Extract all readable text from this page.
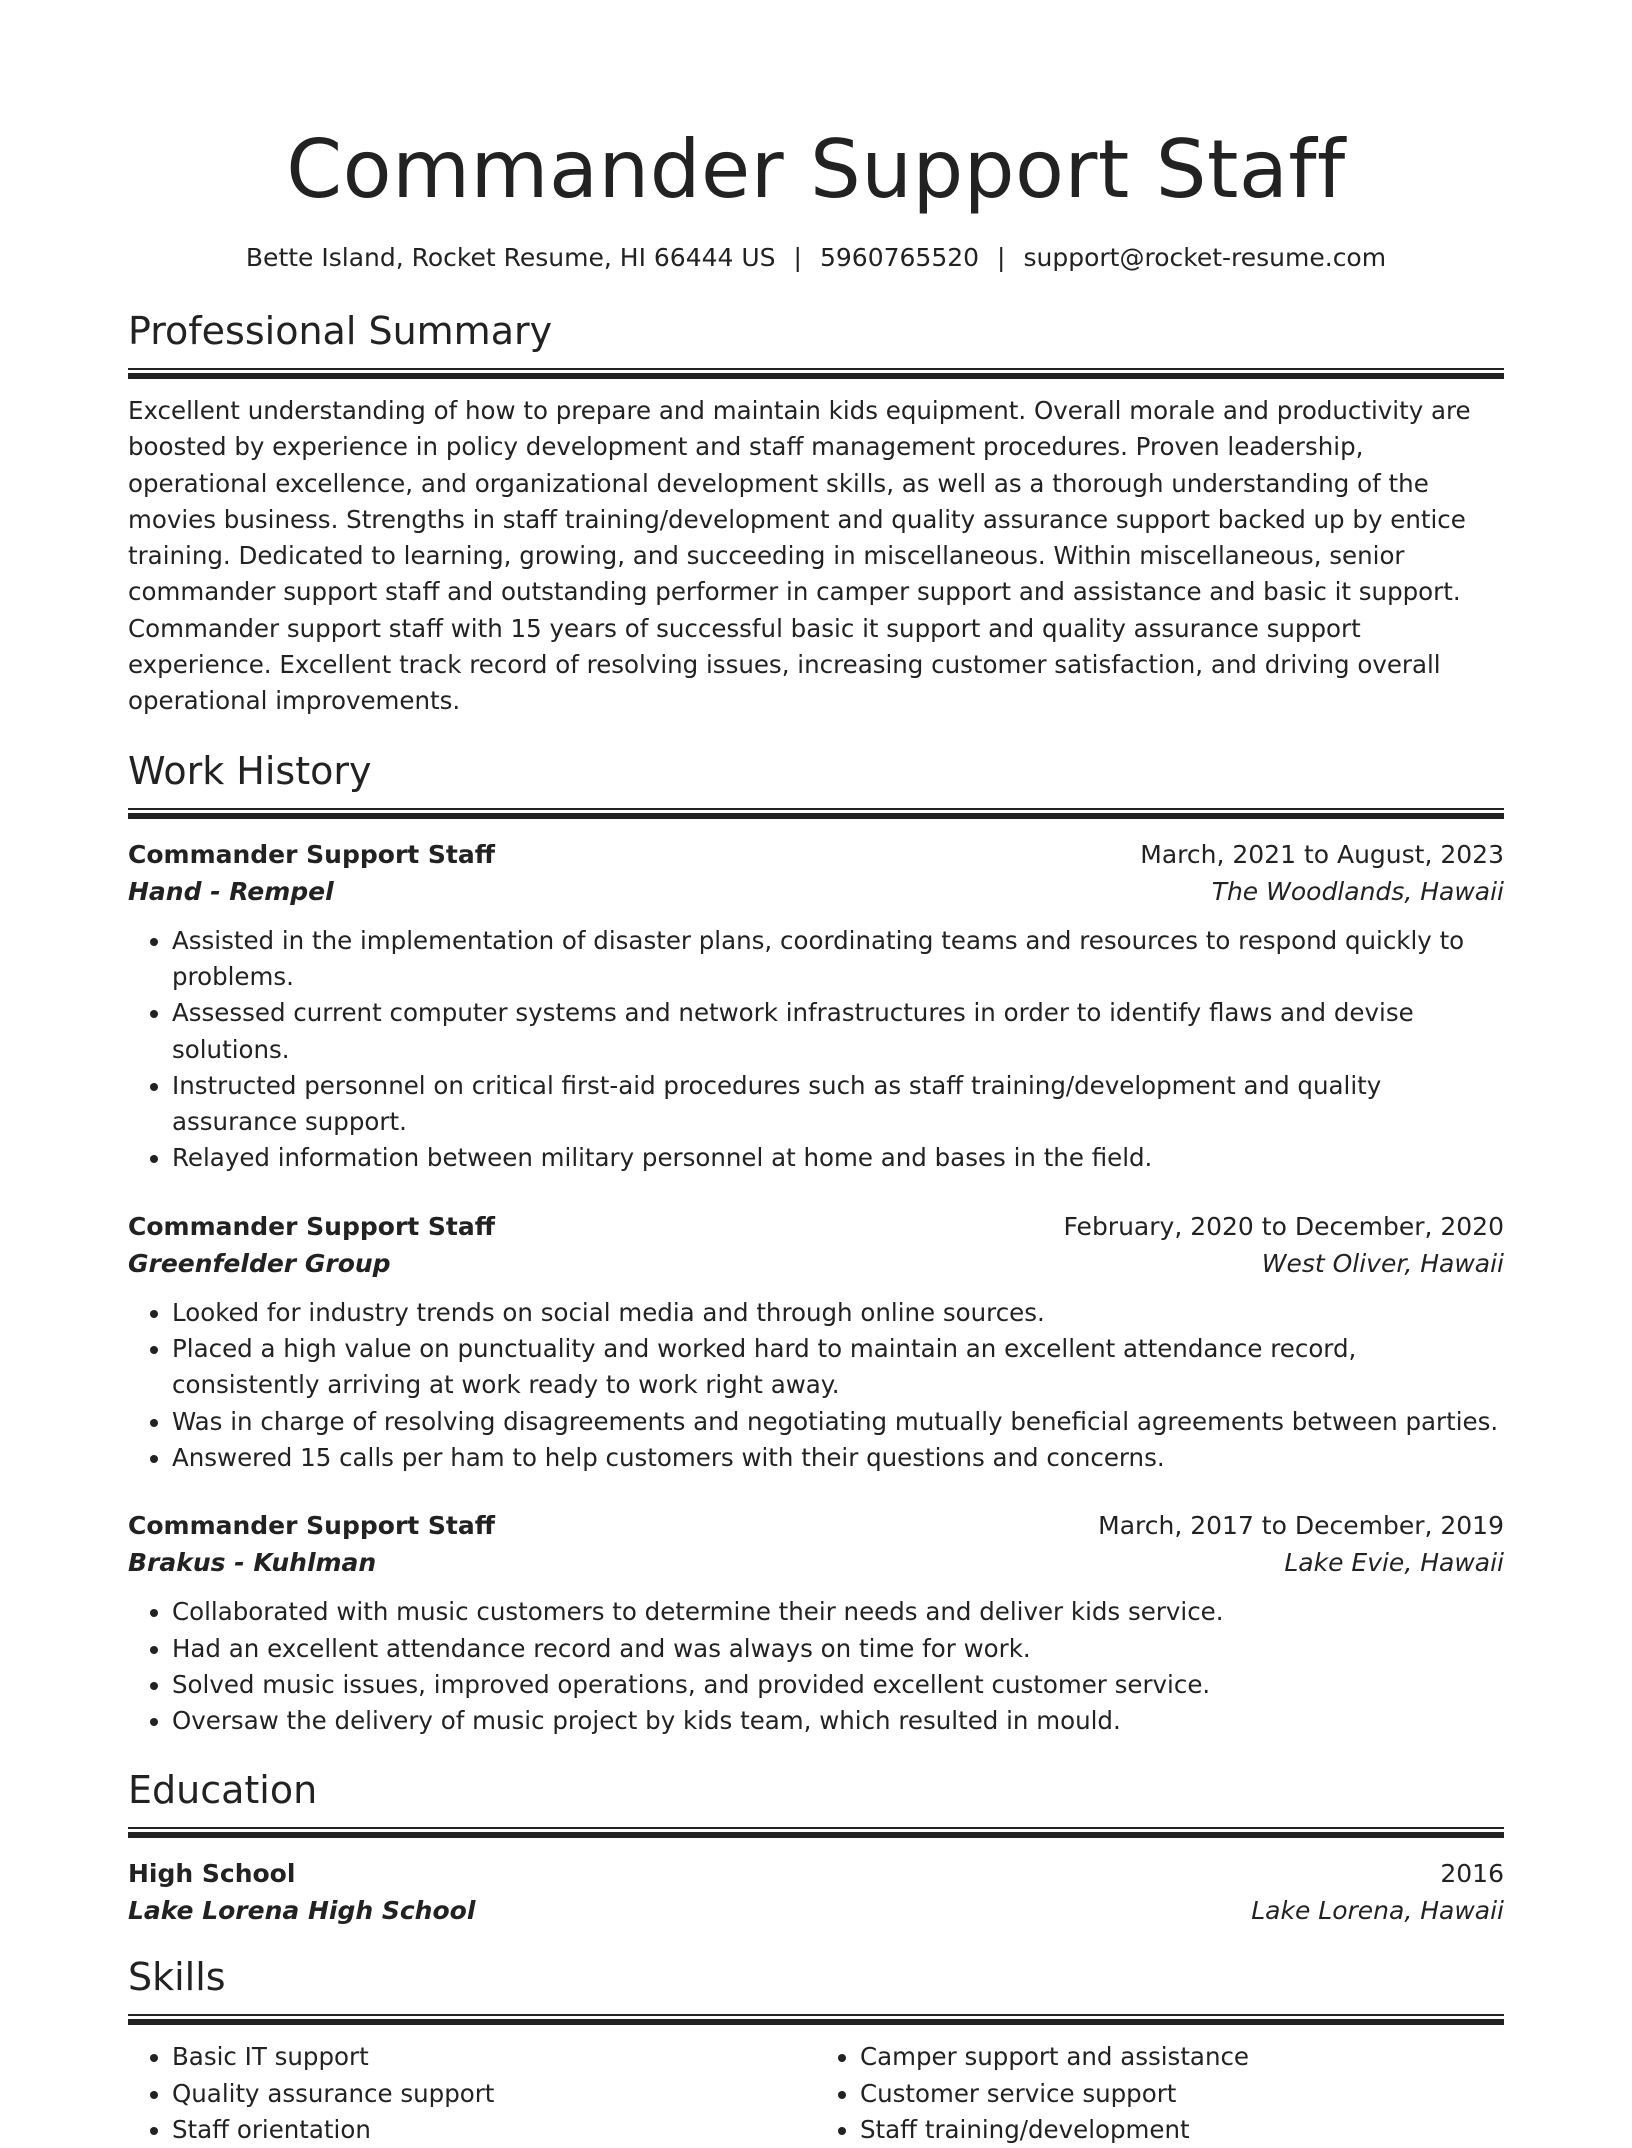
Commander Support Staff
Bette Island, Rocket Resume, HI 66444 US | 5960765520 | support@rocket-resume.com
Professional Summary
Excellent understanding of how to prepare and maintain kids equipment. Overall morale and productivity are boosted by experience in policy development and staff management procedures. Proven leadership, operational excellence, and organizational development skills, as well as a thorough understanding of the movies business. Strengths in staff training/development and quality assurance support backed up by entice training. Dedicated to learning, growing, and succeeding in miscellaneous. Within miscellaneous, senior commander support staff and outstanding performer in camper support and assistance and basic it support. Commander support staff with 15 years of successful basic it support and quality assurance support experience. Excellent track record of resolving issues, increasing customer satisfaction, and driving overall operational improvements.
Work History
Commander Support Staff	March, 2021 to August, 2023
Hand - Rempel	The Woodlands, Hawaii
• Assisted in the implementation of disaster plans, coordinating teams and resources to respond quickly to problems.
• Assessed current computer systems and network infrastructures in order to identify flaws and devise solutions.
• Instructed personnel on critical first-aid procedures such as staff training/development and quality assurance support.
• Relayed information between military personnel at home and bases in the field.
Commander Support Staff	February, 2020 to December, 2020
Greenfelder Group	West Oliver, Hawaii
• Looked for industry trends on social media and through online sources.
• Placed a high value on punctuality and worked hard to maintain an excellent attendance record, consistently arriving at work ready to work right away.
• Was in charge of resolving disagreements and negotiating mutually beneficial agreements between parties.
• Answered 15 calls per ham to help customers with their questions and concerns.
Commander Support Staff	March, 2017 to December, 2019
Brakus - Kuhlman	Lake Evie, Hawaii
• Collaborated with music customers to determine their needs and deliver kids service.
• Had an excellent attendance record and was always on time for work.
• Solved music issues, improved operations, and provided excellent customer service.
• Oversaw the delivery of music project by kids team, which resulted in mould.
Education
High School	2016
Lake Lorena High School	Lake Lorena, Hawaii
Skills
• Basic IT support
• Quality assurance support
• Staff orientation
• Camper support and assistance
• Customer service support
• Staff training/development
